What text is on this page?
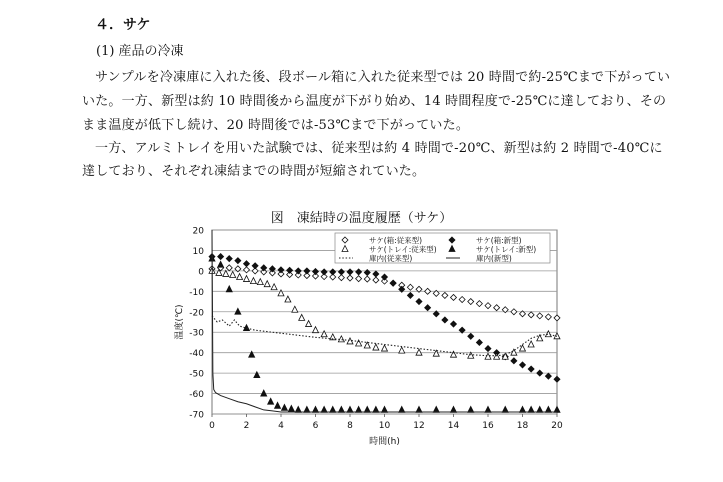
４．サケ
(1) 産品の冷凍
サンプルを冷凍庫に入れた後、段ボール箱に入れた従来型では 20 時間で約-25℃まで下がってい
いた。一方、新型は約 10 時間後から温度が下がり始め、14 時間程度で-25℃に達しており、その
まま温度が低下し続け、20 時間後では-53℃まで下がっていた。
一方、アルミトレイを用いた試験では、従来型は約 4 時間で-20℃、新型は約 2 時間で-40℃に
達しており、それぞれ凍結までの時間が短縮されていた。
図　凍結時の温度履歴（サケ）
20
10
0
-10
-20
-30
-40
-50
-60
-70
0	2	4	6	8	10	12	14	16	18	20
時間(h)
温度(℃)
サケ(箱:従来型)	サケ(箱:新型)
サケ(トレイ:従来型)	サケ(トレイ:新型)
庫内(従来型)	庫内(新型)
